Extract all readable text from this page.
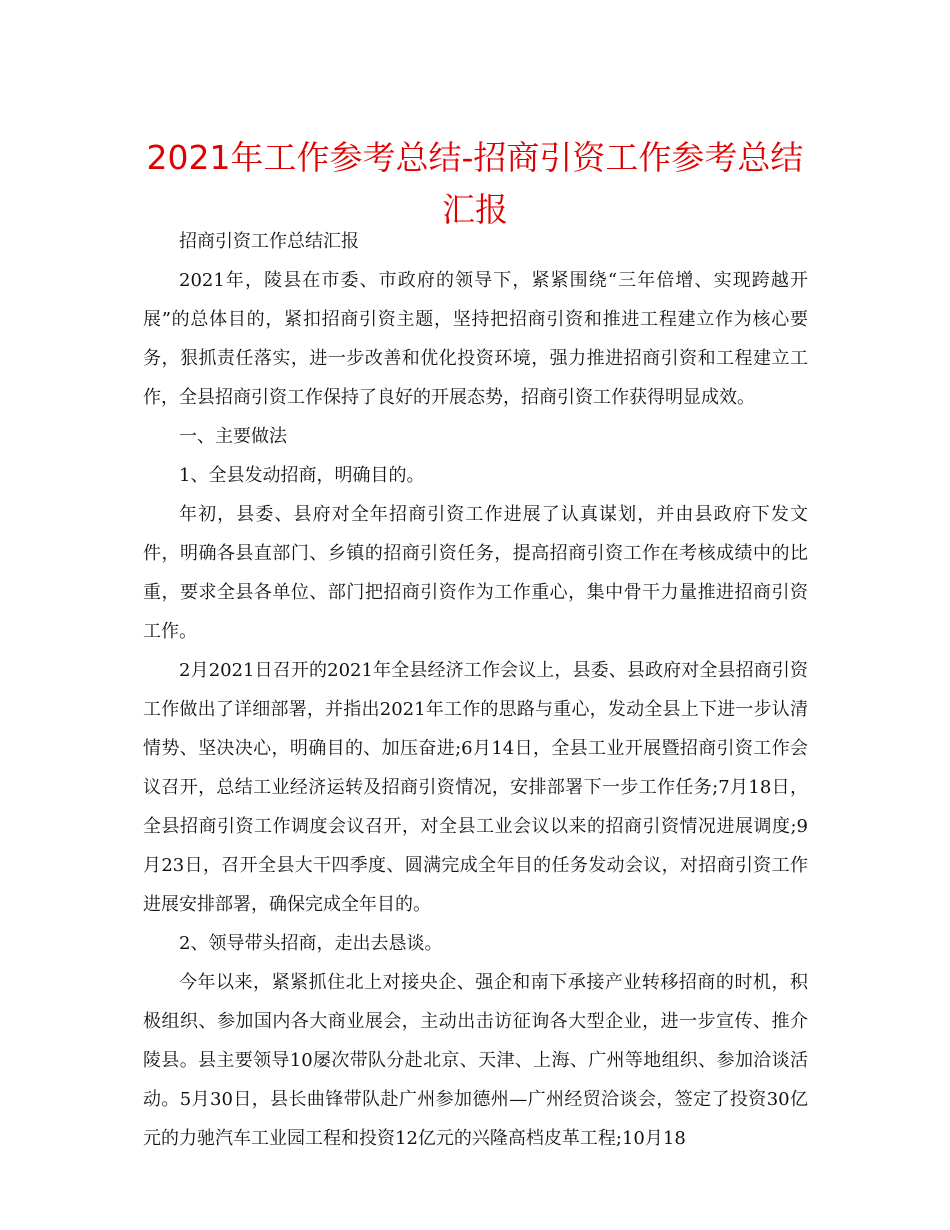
2021年工作参考总结-招商引资工作参考总结汇报

招商引资工作总结汇报

2021年，陵县在市委、市政府的领导下，紧紧围绕“三年倍增、实现跨越开展”的总体目的，紧扣招商引资主题，坚持把招商引资和推进工程建立作为核心要务，狠抓责任落实，进一步改善和优化投资环境，强力推进招商引资和工程建立工作，全县招商引资工作保持了良好的开展态势，招商引资工作获得明显成效。

一、主要做法

1、全县发动招商，明确目的。

年初，县委、县府对全年招商引资工作进展了认真谋划，并由县政府下发文件，明确各县直部门、乡镇的招商引资任务，提高招商引资工作在考核成绩中的比重，要求全县各单位、部门把招商引资作为工作重心，集中骨干力量推进招商引资工作。

2月2021日召开的2021年全县经济工作会议上，县委、县政府对全县招商引资工作做出了详细部署，并指出2021年工作的思路与重心，发动全县上下进一步认清情势、坚决决心，明确目的、加压奋进;6月14日，全县工业开展暨招商引资工作会议召开，总结工业经济运转及招商引资情况，安排部署下一步工作任务;7月18日，全县招商引资工作调度会议召开，对全县工业会议以来的招商引资情况进展调度;9月23日，召开全县大干四季度、圆满完成全年目的任务发动会议，对招商引资工作进展安排部署，确保完成全年目的。

2、领导带头招商，走出去恳谈。

今年以来，紧紧抓住北上对接央企、强企和南下承接产业转移招商的时机，积极组织、参加国内各大商业展会，主动出击访征询各大型企业，进一步宣传、推介陵县。县主要领导10屡次带队分赴北京、天津、上海、广州等地组织、参加洽谈活动。5月30日，县长曲锋带队赴广州参加德州—广州经贸洽谈会，签定了投资30亿元的力驰汽车工业园工程和投资12亿元的兴隆高档皮革工程;10月18
